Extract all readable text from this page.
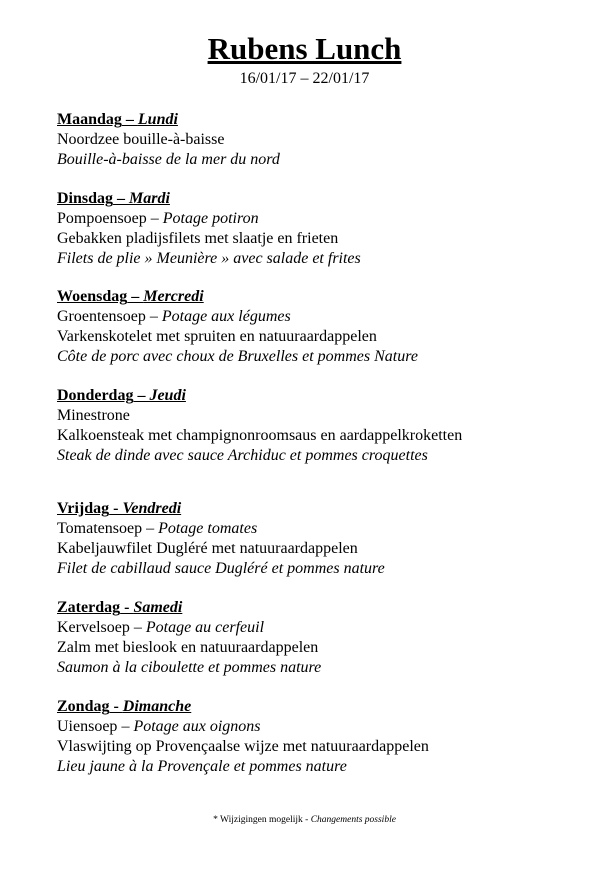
Rubens Lunch
16/01/17 – 22/01/17
Maandag – Lundi
Noordzee bouille-à-baisse
Bouille-à-baisse de la mer du nord
Dinsdag – Mardi
Pompoensoep – Potage potiron
Gebakken pladijsfilets met slaatje en frieten
Filets de plie » Meunière » avec salade et frites
Woensdag – Mercredi
Groentensoep – Potage aux légumes
Varkenskotelet met spruiten en natuuraardappelen
Côte de porc avec choux de Bruxelles et pommes Nature
Donderdag – Jeudi
Minestrone
Kalkoensteak met champignonroomsaus en aardappelkroketten
Steak de dinde avec sauce Archiduc et pommes croquettes
Vrijdag - Vendredi
Tomatensoep – Potage tomates
Kabeljauwfilet Dugléré met natuuraardappelen
Filet de cabillaud sauce Dugléré et pommes nature
Zaterdag - Samedi
Kervelsoep – Potage au cerfeuil
Zalm met bieslook en natuuraardappelen
Saumon à la ciboulette et pommes nature
Zondag - Dimanche
Uiensoep – Potage aux oignons
Vlaswijting op Provençaalse wijze met natuuraardappelen
Lieu jaune à la Provençale et pommes nature
* Wijzigingen mogelijk - Changements possible
